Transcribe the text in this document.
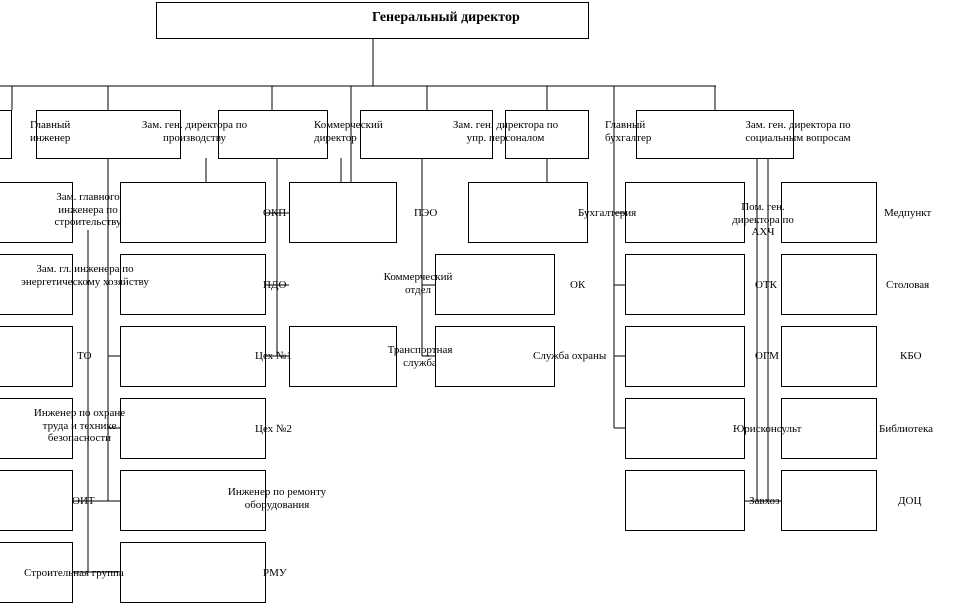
Генеральный директор
Главный инженер
Зам. ген. директора по производству
Коммерческий директор
Зам. ген. директора по упр. персоналом
Главный бухгалтер
Зам. ген. директора по социальным вопросам
Зам. главного инженера по строительству
Зам. гл. инженера по энергетическому хозяйству
ТО
Инженер по охране труда и технике безопасности
ОИТ
Строительная группа
ОКП
ПДО
Цех №1
Цех №2
Инженер по ремонту оборудования
РМУ
ПЭО
Коммерческий отдел
Транспортная служба
Бухгалтерия
ОК
Служба охраны
Пом. ген. директора по АХЧ
ОТК
ОГМ
Юрисконсульт
Завхоз
Медпункт
Столовая
КБО
Библиотека
ДОЦ
